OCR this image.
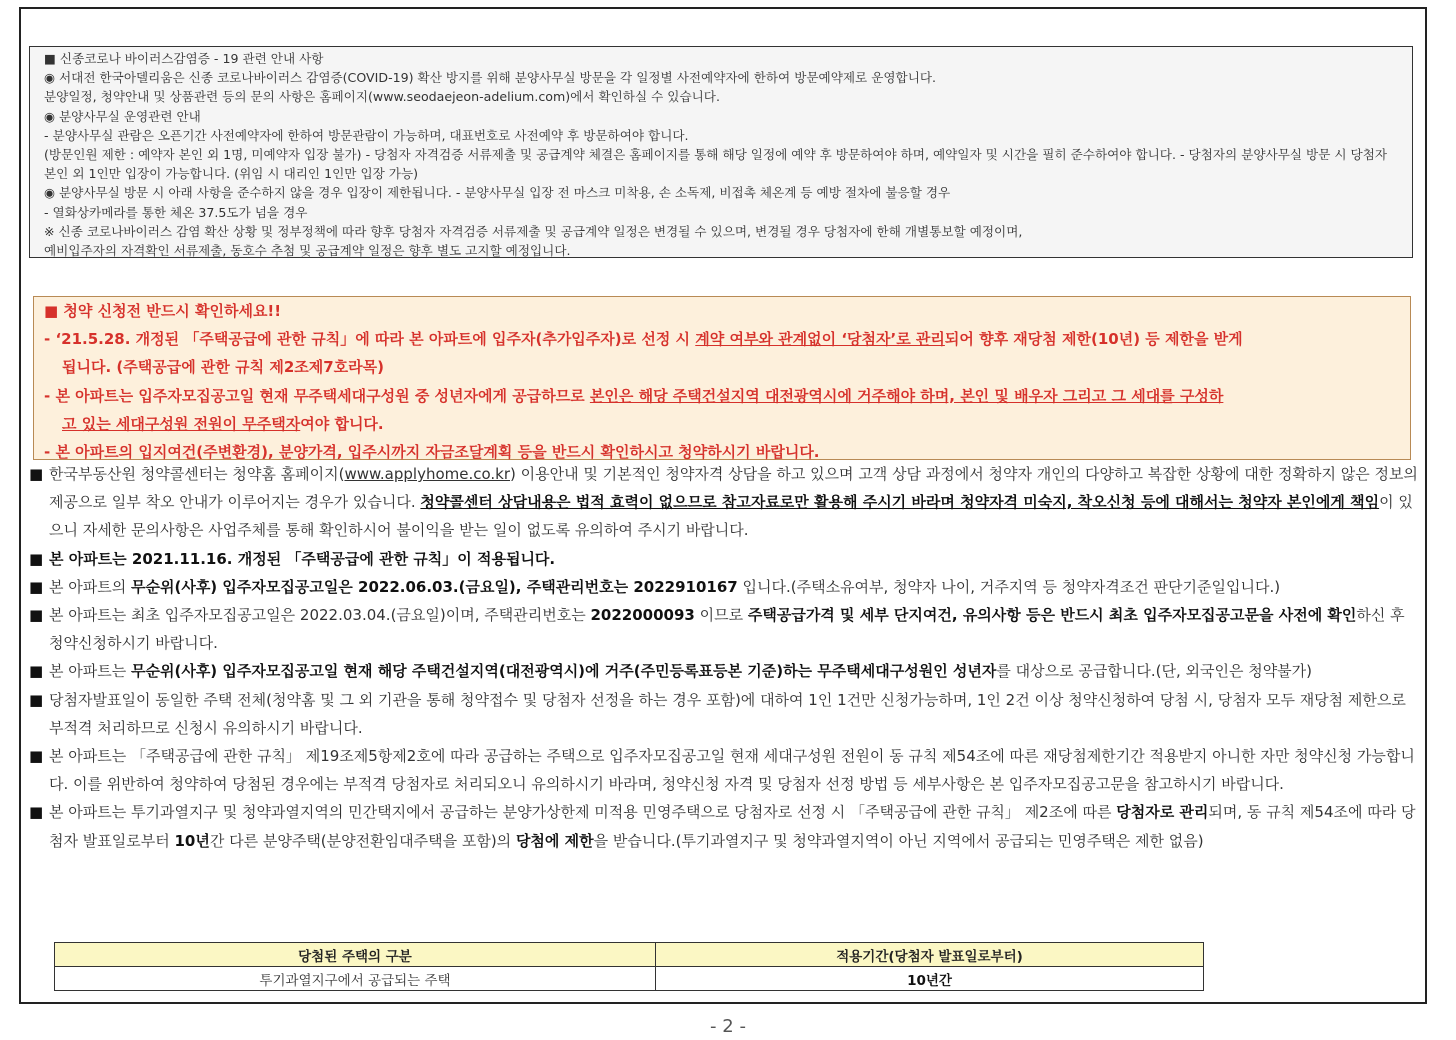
■ 신종코로나 바이러스감염증 - 19 관련 안내 사항
◉ 서대전 한국아델리움은 신종 코로나바이러스 감염증(COVID-19) 확산 방지를 위해 분양사무실 방문을 각 일정별 사전예약자에 한하여 방문예약제로 운영합니다.
분양일정, 청약안내 및 상품관련 등의 문의 사항은 홈페이지(www.seodaejeon-adelium.com)에서 확인하실 수 있습니다.
◉ 분양사무실 운영관련 안내
- 분양사무실 관람은 오픈기간 사전예약자에 한하여 방문관람이 가능하며, 대표번호로 사전예약 후 방문하여야 합니다.
(방문인원 제한 : 예약자 본인 외 1명, 미예약자 입장 불가) - 당첨자 자격검증 서류제출 및 공급계약 체결은 홈페이지를 통해 해당 일정에 예약 후 방문하여야 하며, 예약일자 및 시간을 필히 준수하여야 합니다. - 당첨자의 분양사무실 방문 시 당첨자 본인 외 1인만 입장이 가능합니다. (위임 시 대리인 1인만 입장 가능)
◉ 분양사무실 방문 시 아래 사항을 준수하지 않을 경우 입장이 제한됩니다. - 분양사무실 입장 전 마스크 미착용, 손 소독제, 비접촉 체온계 등 예방 절차에 불응할 경우
- 열화상카메라를 통한 체온 37.5도가 넘을 경우
※ 신종 코로나바이러스 감염 확산 상황 및 정부정책에 따라 향후 당첨자 자격검증 서류제출 및 공급계약 일정은 변경될 수 있으며, 변경될 경우 당첨자에 한해 개별통보할 예정이며,
예비입주자의 자격확인 서류제출, 동호수 추첨 및 공급계약 일정은 향후 별도 고지할 예정입니다.
■ 청약 신청전 반드시 확인하세요!!
- ‘21.5.28. 개정된 「주택공급에 관한 규칙」에 따라 본 아파트에 입주자(추가입주자)로 선정 시 계약 여부와 관계없이 ‘당첨자’로 관리되어 향후 재당첨 제한(10년) 등 제한을 받게
됩니다. (주택공급에 관한 규칙 제2조제7호라목)
- 본 아파트는 입주자모집공고일 현재 무주택세대구성원 중 성년자에게 공급하므로 본인은 해당 주택건설지역 대전광역시에 거주해야 하며, 본인 및 배우자 그리고 그 세대를 구성하
고 있는 세대구성원 전원이 무주택자여야 합니다.
- 본 아파트의 입지여건(주변환경), 분양가격, 입주시까지 자금조달계획 등을 반드시 확인하시고 청약하시기 바랍니다.
■ 한국부동산원 청약콜센터는 청약홈 홈페이지(www.applyhome.co.kr) 이용안내 및 기본적인 청약자격 상담을 하고 있으며 고객 상담 과정에서 청약자 개인의 다양하고 복잡한 상황에 대한 정확하지 않은 정보의 제공으로 일부 착오 안내가 이루어지는 경우가 있습니다. 청약콜센터 상담내용은 법적 효력이 없으므로 참고자료로만 활용해 주시기 바라며 청약자격 미숙지, 착오신청 등에 대해서는 청약자 본인에게 책임이 있으니 자세한 문의사항은 사업주체를 통해 확인하시어 불이익을 받는 일이 없도록 유의하여 주시기 바랍니다.
■ 본 아파트는 2021.11.16. 개정된 「주택공급에 관한 규칙」이 적용됩니다.
■ 본 아파트의 무순위(사후) 입주자모집공고일은 2022.06.03.(금요일), 주택관리번호는 2022910167 입니다.(주택소유여부, 청약자 나이, 거주지역 등 청약자격조건 판단기준일입니다.)
■ 본 아파트는 최초 입주자모집공고일은 2022.03.04.(금요일)이며, 주택관리번호는 2022000093 이므로 주택공급가격 및 세부 단지여건, 유의사항 등은 반드시 최초 입주자모집공고문을 사전에 확인하신 후 청약신청하시기 바랍니다.
■ 본 아파트는 무순위(사후) 입주자모집공고일 현재 해당 주택건설지역(대전광역시)에 거주(주민등록표등본 기준)하는 무주택세대구성원인 성년자를 대상으로 공급합니다.(단, 외국인은 청약불가)
■ 당첨자발표일이 동일한 주택 전체(청약홈 및 그 외 기관을 통해 청약접수 및 당첨자 선정을 하는 경우 포함)에 대하여 1인 1건만 신청가능하며, 1인 2건 이상 청약신청하여 당첨 시, 당첨자 모두 재당첨 제한으로 부적격 처리하므로 신청시 유의하시기 바랍니다.
■ 본 아파트는 「주택공급에 관한 규칙」 제19조제5항제2호에 따라 공급하는 주택으로 입주자모집공고일 현재 세대구성원 전원이 동 규칙 제54조에 따른 재당첨제한기간 적용받지 아니한 자만 청약신청 가능합니다. 이를 위반하여 청약하여 당첨된 경우에는 부적격 당첨자로 처리되오니 유의하시기 바라며, 청약신청 자격 및 당첨자 선정 방법 등 세부사항은 본 입주자모집공고문을 참고하시기 바랍니다.
■ 본 아파트는 투기과열지구 및 청약과열지역의 민간택지에서 공급하는 분양가상한제 미적용 민영주택으로 당첨자로 선정 시 「주택공급에 관한 규칙」 제2조에 따른 당첨자로 관리되며, 동 규칙 제54조에 따라 당첨자 발표일로부터 10년간 다른 분양주택(분양전환임대주택을 포함)의 당첨에 제한을 받습니다.(투기과열지구 및 청약과열지역이 아닌 지역에서 공급되는 민영주택은 제한 없음)
당첨된 주택의 구분	적용기간(당첨자 발표일로부터)
투기과열지구에서 공급되는 주택	10년간
- 2 -
